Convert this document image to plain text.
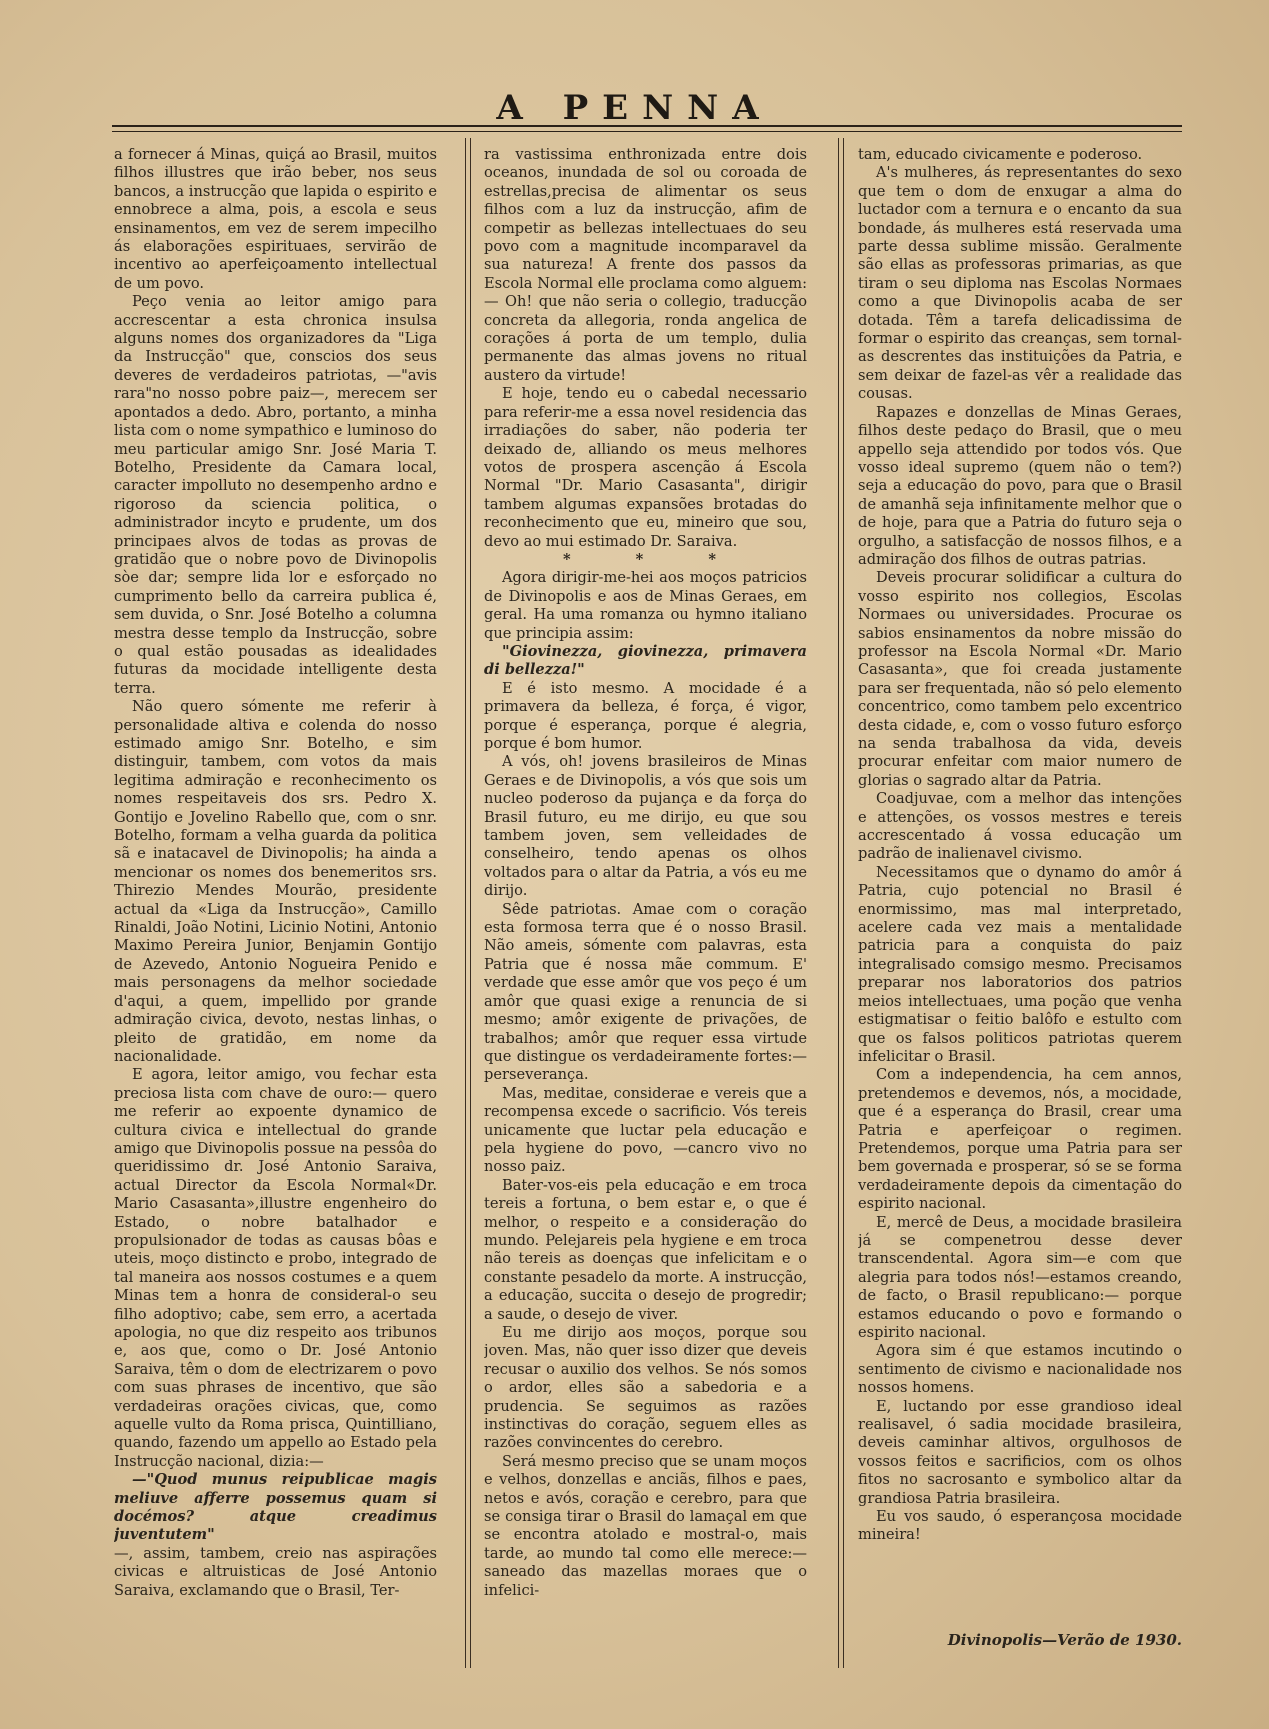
A PENNA

a fornecer á Minas, quiçá ao Brasil, muitos filhos illustres que irão beber, nos seus bancos, a instrucção que lapida o espirito e ennobrece a alma, pois, a escola e seus ensinamentos, em vez de serem impecilho ás elaborações espirituaes, servirão de incentivo ao aperfeiçoamento intellectual de um povo.

Peço venia ao leitor amigo para accrescentar a esta chronica insulsa alguns nomes dos organizadores da "Liga da Instrucção" que, conscios dos seus deveres de verdadeiros patriotas, —"avis rara"no nosso pobre paiz—, merecem ser apontados a dedo. Abro, portanto, a minha lista com o nome sympathico e luminoso do meu particular amigo Snr. José Maria T. Botelho, Presidente da Camara local, caracter impolluto no desempenho ardno e rigoroso da sciencia politica, o administrador incyto e prudente, um dos principaes alvos de todas as provas de gratidão que o nobre povo de Divinopolis sòe dar; sempre lida lor e esforçado no cumprimento bello da carreira publica é, sem duvida, o Snr. José Botelho a columna mestra desse templo da Instrucção, sobre o qual estão pousadas as idealidades futuras da mocidade intelligente desta terra.

Não quero sómente me referir à personalidade altiva e colenda do nosso estimado amigo Snr. Botelho, e sim distinguir, tambem, com votos da mais legitima admiração e reconhecimento os nomes respeitaveis dos srs. Pedro X. Gontijo e Jovelino Rabello que, com o snr. Botelho, formam a velha guarda da politica sã e inatacavel de Divinopolis; ha ainda a mencionar os nomes dos benemeritos srs. Thirezio Mendes Mourão, presidente actual da «Liga da Instrucção», Camillo Rinaldi, João Notini, Licinio Notini, Antonio Maximo Pereira Junior, Benjamin Gontijo de Azevedo, Antonio Nogueira Penido e mais personagens da melhor sociedade d'aqui, a quem, impellido por grande admiração civica, devoto, nestas linhas, o pleito de gratidão, em nome da nacionalidade.

E agora, leitor amigo, vou fechar esta preciosa lista com chave de ouro:— quero me referir ao expoente dynamico de cultura civica e intellectual do grande amigo que Divinopolis possue na pessôa do queridissimo dr. José Antonio Saraiva, actual Director da Escola Normal«Dr. Mario Casasanta»,illustre engenheiro do Estado, o nobre batalhador e propulsionador de todas as causas bôas e uteis, moço distincto e probo, integrado de tal maneira aos nossos costumes e a quem Minas tem a honra de consideral-o seu filho adoptivo; cabe, sem erro, a acertada apologia, no que diz respeito aos tribunos e, aos que, como o Dr. José Antonio Saraiva, têm o dom de electrizarem o povo com suas phrases de incentivo, que são verdadeiras orações civicas, que, como aquelle vulto da Roma prisca, Quintilliano, quando, fazendo um appello ao Estado pela Instrucção nacional, dizia:—

—"Quod munus reipublicae magis meliuve afferre possemus quam si docémos? atque creadimus juventutem"

—, assim, tambem, creio nas aspirações civicas e altruisticas de José Antonio Saraiva, exclamando que o Brasil, Ter-

ra vastissima enthronizada entre dois oceanos, inundada de sol ou coroada de estrellas,precisa de alimentar os seus filhos com a luz da instrucção, afim de competir as bellezas intellectuaes do seu povo com a magnitude incomparavel da sua natureza! A frente dos passos da Escola Normal elle proclama como alguem:— Oh! que não seria o collegio, traducção concreta da allegoria, ronda angelica de corações á porta de um templo, dulia permanente das almas jovens no ritual austero da virtude!

E hoje, tendo eu o cabedal necessario para referir-me a essa novel residencia das irradiações do saber, não poderia ter deixado de, alliando os meus melhores votos de prospera ascenção á Escola Normal "Dr. Mario Casasanta", dirigir tambem algumas expansões brotadas do reconhecimento que eu, mineiro que sou, devo ao mui estimado Dr. Saraiva.

* * *

Agora dirigir-me-hei aos moços patricios de Divinopolis e aos de Minas Geraes, em geral. Ha uma romanza ou hymno italiano que principia assim:

"Giovinezza, giovinezza, primavera di bellezza!"

E é isto mesmo. A mocidade é a primavera da belleza, é força, é vigor, porque é esperança, porque é alegria, porque é bom humor.

A vós, oh! jovens brasileiros de Minas Geraes e de Divinopolis, a vós que sois um nucleo poderoso da pujança e da força do Brasil futuro, eu me dirijo, eu que sou tambem joven, sem velleidades de conselheiro, tendo apenas os olhos voltados para o altar da Patria, a vós eu me dirijo.

Sêde patriotas. Amae com o coração esta formosa terra que é o nosso Brasil. Não ameis, sómente com palavras, esta Patria que é nossa mãe commum. E' verdade que esse amôr que vos peço é um amôr que quasi exige a renuncia de si mesmo; amôr exigente de privações, de trabalhos; amôr que requer essa virtude que distingue os verdadeiramente fortes:—perseverança.

Mas, meditae, considerae e vereis que a recompensa excede o sacrificio. Vós tereis unicamente que luctar pela educação e pela hygiene do povo, —cancro vivo no nosso paiz.

Bater-vos-eis pela educação e em troca tereis a fortuna, o bem estar e, o que é melhor, o respeito e a consideração do mundo. Pelejareis pela hygiene e em troca não tereis as doenças que infelicitam e o constante pesadelo da morte. A instrucção, a educação, succita o desejo de progredir; a saude, o desejo de viver.

Eu me dirijo aos moços, porque sou joven. Mas, não quer isso dizer que deveis recusar o auxilio dos velhos. Se nós somos o ardor, elles são a sabedoria e a prudencia. Se seguimos as razões instinctivas do coração, seguem elles as razões convincentes do cerebro.

Será mesmo preciso que se unam moços e velhos, donzellas e anciãs, filhos e paes, netos e avós, coração e cerebro, para que se consiga tirar o Brasil do lamaçal em que se encontra atolado e mostral-o, mais tarde, ao mundo tal como elle merece:—saneado das mazellas moraes que o infelici-

tam, educado civicamente e poderoso.

A's mulheres, ás representantes do sexo que tem o dom de enxugar a alma do luctador com a ternura e o encanto da sua bondade, ás mulheres está reservada uma parte dessa sublime missão. Geralmente são ellas as professoras primarias, as que tiram o seu diploma nas Escolas Normaes como a que Divinopolis acaba de ser dotada. Têm a tarefa delicadissima de formar o espirito das creanças, sem tornal-as descrentes das instituições da Patria, e sem deixar de fazel-as vêr a realidade das cousas.

Rapazes e donzellas de Minas Geraes, filhos deste pedaço do Brasil, que o meu appello seja attendido por todos vós. Que vosso ideal supremo (quem não o tem?) seja a educação do povo, para que o Brasil de amanhã seja infinitamente melhor que o de hoje, para que a Patria do futuro seja o orgulho, a satisfacção de nossos filhos, e a admiração dos filhos de outras patrias.

Deveis procurar solidificar a cultura do vosso espirito nos collegios, Escolas Normaes ou universidades. Procurae os sabios ensinamentos da nobre missão do professor na Escola Normal «Dr. Mario Casasanta», que foi creada justamente para ser frequentada, não só pelo elemento concentrico, como tambem pelo excentrico desta cidade, e, com o vosso futuro esforço na senda trabalhosa da vida, deveis procurar enfeitar com maior numero de glorias o sagrado altar da Patria.

Coadjuvae, com a melhor das intenções e attenções, os vossos mestres e tereis accrescentado á vossa educação um padrão de inalienavel civismo.

Necessitamos que o dynamo do amôr á Patria, cujo potencial no Brasil é enormissimo, mas mal interpretado, acelere cada vez mais a mentalidade patricia para a conquista do paiz integralisado comsigo mesmo. Precisamos preparar nos laboratorios dos patrios meios intellectuaes, uma poção que venha estigmatisar o feitio balôfo e estulto com que os falsos politicos patriotas querem infelicitar o Brasil.

Com a independencia, ha cem annos, pretendemos e devemos, nós, a mocidade, que é a esperança do Brasil, crear uma Patria e aperfeiçoar o regimen. Pretendemos, porque uma Patria para ser bem governada e prosperar, só se se forma verdadeiramente depois da cimentação do espirito nacional.

E, mercê de Deus, a mocidade brasileira já se compenetrou desse dever transcendental. Agora sim—e com que alegria para todos nós!—estamos creando, de facto, o Brasil republicano:— porque estamos educando o povo e formando o espirito nacional.

Agora sim é que estamos incutindo o sentimento de civismo e nacionalidade nos nossos homens.

E, luctando por esse grandioso ideal realisavel, ó sadia mocidade brasileira, deveis caminhar altivos, orgulhosos de vossos feitos e sacrificios, com os olhos fitos no sacrosanto e symbolico altar da grandiosa Patria brasileira.

Eu vos saudo, ó esperançosa mocidade mineira!

Divinopolis—Verão de 1930.
